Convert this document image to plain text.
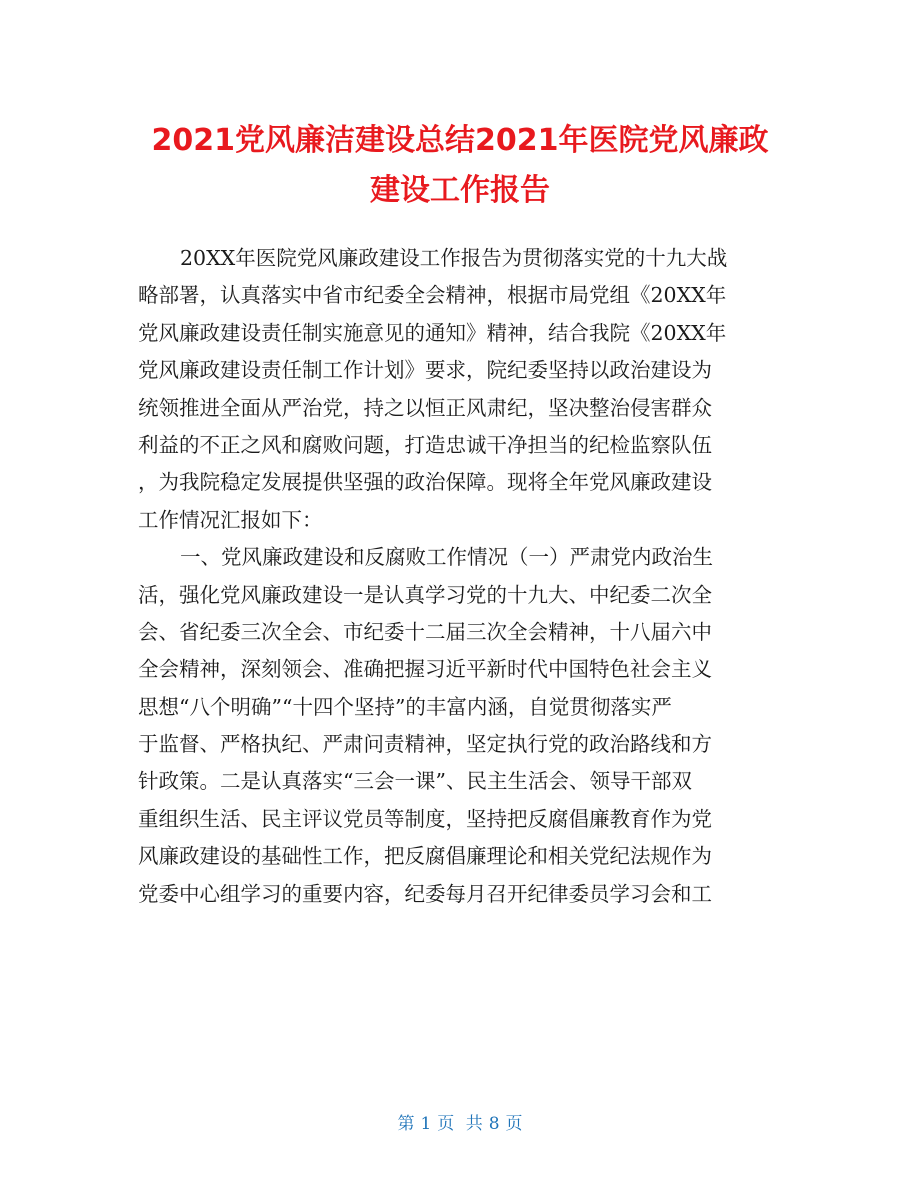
2021党风廉洁建设总结2021年医院党风廉政
建设工作报告
20XX年医院党风廉政建设工作报告为贯彻落实党的十九大战
略部署，认真落实中省市纪委全会精神，根据市局党组《20XX年
党风廉政建设责任制实施意见的通知》精神，结合我院《20XX年
党风廉政建设责任制工作计划》要求，院纪委坚持以政治建设为
统领推进全面从严治党，持之以恒正风肃纪，坚决整治侵害群众
利益的不正之风和腐败问题，打造忠诚干净担当的纪检监察队伍
，为我院稳定发展提供坚强的政治保障。现将全年党风廉政建设
工作情况汇报如下：
一、党风廉政建设和反腐败工作情况（一）严肃党内政治生
活，强化党风廉政建设一是认真学习党的十九大、中纪委二次全
会、省纪委三次全会、市纪委十二届三次全会精神，十八届六中
全会精神，深刻领会、准确把握习近平新时代中国特色社会主义
思想“八个明确”“十四个坚持”的丰富内涵，自觉贯彻落实严
于监督、严格执纪、严肃问责精神，坚定执行党的政治路线和方
针政策。二是认真落实“三会一课”、民主生活会、领导干部双
重组织生活、民主评议党员等制度，坚持把反腐倡廉教育作为党
风廉政建设的基础性工作，把反腐倡廉理论和相关党纪法规作为
党委中心组学习的重要内容，纪委每月召开纪律委员学习会和工
第 1 页 共 8 页
